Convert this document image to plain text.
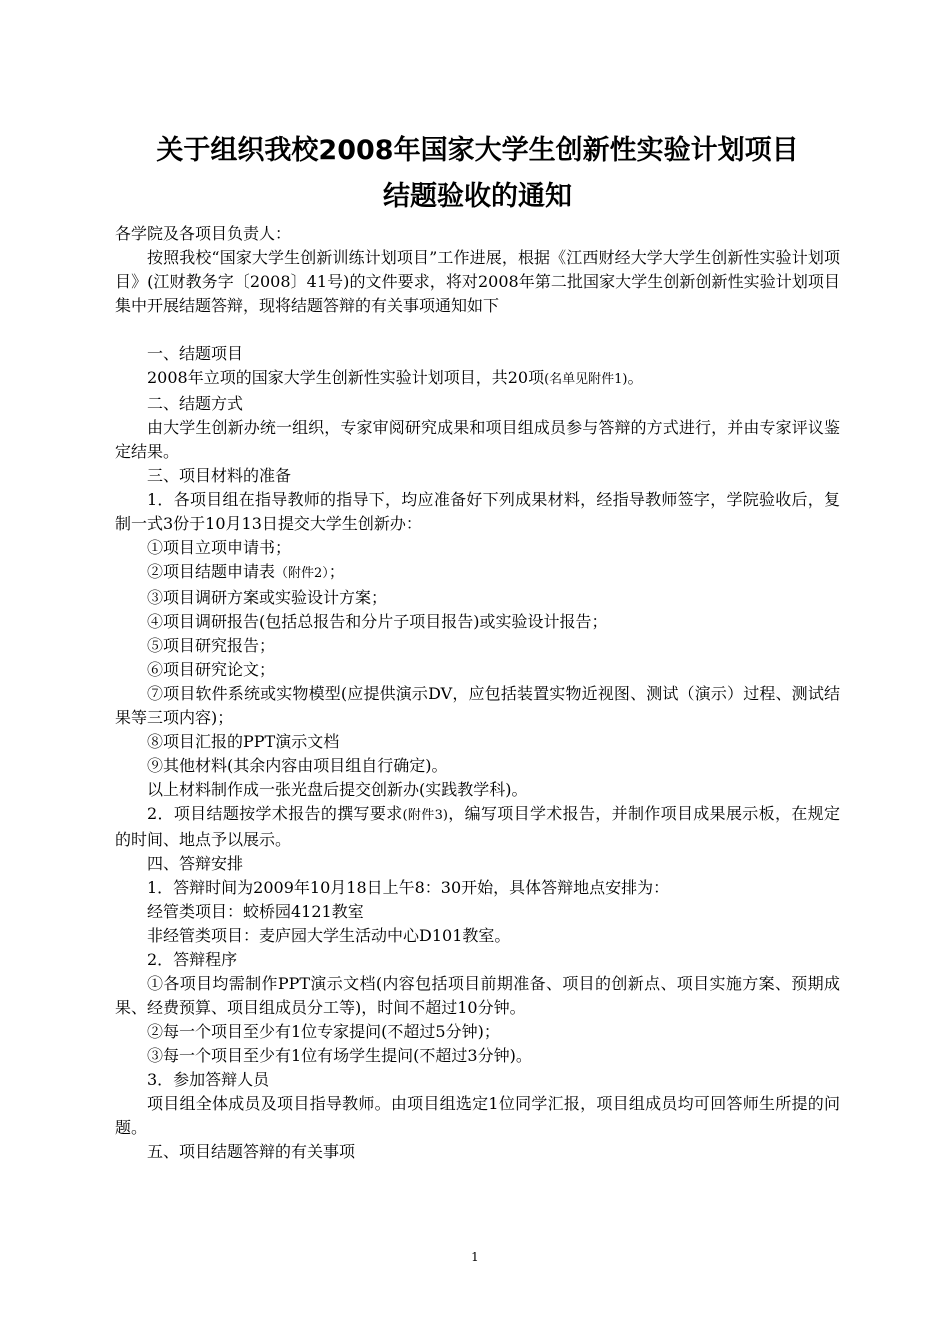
关于组织我校2008年国家大学生创新性实验计划项目
结题验收的通知

各学院及各项目负责人：

按照我校“国家大学生创新训练计划项目”工作进展，根据《江西财经大学大学生创新性实验计划项目》(江财教务字〔2008〕41号)的文件要求，将对2008年第二批国家大学生创新创新性实验计划项目集中开展结题答辩，现将结题答辩的有关事项通知如下

一、结题项目

2008年立项的国家大学生创新性实验计划项目，共20项(名单见附件1)。

二、结题方式

由大学生创新办统一组织，专家审阅研究成果和项目组成员参与答辩的方式进行，并由专家评议鉴定结果。

三、项目材料的准备

1．各项目组在指导教师的指导下，均应准备好下列成果材料，经指导教师签字，学院验收后，复制一式3份于10月13日提交大学生创新办：

①项目立项申请书；

②项目结题申请表（附件2）；

③项目调研方案或实验设计方案；

④项目调研报告(包括总报告和分片子项目报告)或实验设计报告；

⑤项目研究报告；

⑥项目研究论文；

⑦项目软件系统或实物模型(应提供演示DV，应包括装置实物近视图、测试（演示）过程、测试结果等三项内容)；

⑧项目汇报的PPT演示文档

⑨其他材料(其余内容由项目组自行确定)。

以上材料制作成一张光盘后提交创新办(实践教学科)。

2．项目结题按学术报告的撰写要求(附件3)，编写项目学术报告，并制作项目成果展示板，在规定的时间、地点予以展示。

四、答辩安排

1．答辩时间为2009年10月18日上午8：30开始，具体答辩地点安排为：

经管类项目：蛟桥园4121教室

非经管类项目：麦庐园大学生活动中心D101教室。

2．答辩程序

①各项目均需制作PPT演示文档(内容包括项目前期准备、项目的创新点、项目实施方案、预期成果、经费预算、项目组成员分工等)，时间不超过10分钟。

②每一个项目至少有1位专家提问(不超过5分钟)；

③每一个项目至少有1位有场学生提问(不超过3分钟)。

3．参加答辩人员

项目组全体成员及项目指导教师。由项目组选定1位同学汇报，项目组成员均可回答师生所提的问题。

五、项目结题答辩的有关事项

1
